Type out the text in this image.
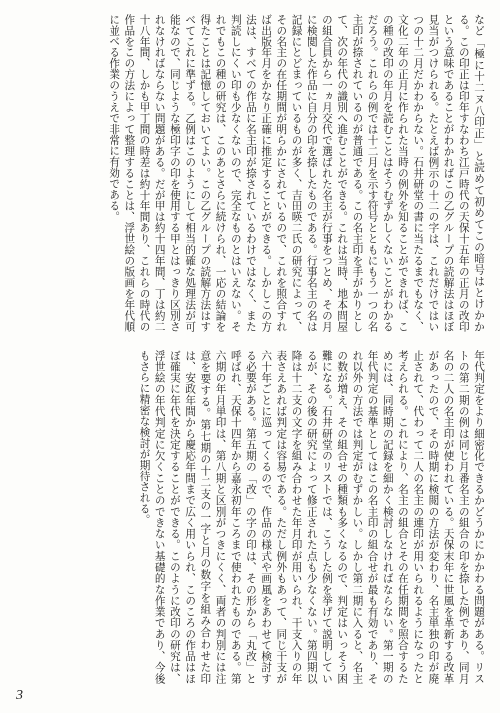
など「極に十二ヌ八印正」と読めて初めてこの暗号はとけかかる。この印正は印年すなわち江戸時代の天保十五年の正月の改印という意味であることがわかればこの乙グループの読解法はほぼ見当がつけられる。たとえば例示の十二の字は、これだけではいつの十二月だかわからない。石井研堂の書に当たるまでもなく、文化二年の正月に作られた当時の例外を知ることができれば、この種の改印の年月を読むことはそうむずかしくないことがわかるだろう。これらの例では十二月を示す符号とともにもう一つの名主印が捺されているのが普通である。この名主印を手がかりとして、次の年代の識別へ進むことができる。これは当時、地本問屋の組合員から一ヵ月交代で選ばれた名主が行事をつとめ、その月に検閲した作品に自分の印を捺したものである。行事名主の名は記録にとどまっているものが多く、吉田暎二氏の研究によって、その名主の在任期間が明らかにされているので、これを照合すれば出版年月をかなり正確に推定することができる。しかしこの方法は、すべての作品に名主印が捺されているわけではなく、また判読しにくい印も少なくないので、完全なものとはいえない。それでもこの種の研究は、このあとさらに続けられ、一応の結論を得たことは記憶しておいてよい。この乙グループの読解方法はすべてこれに準ずる。乙例はこのようにして相当的確な処理法が可能なので、同じような極印字の印を使用する甲とはっきり区別されなければならない問題がある。だが甲は約十四年間、丁は約二十八年間、しかも甲丁間の時差は約十年間あり、これらの時代の作品をこの方法によって整理することは、浮世絵の版画を年代順に並べる作業のうえで非常に有効である。

年代判定をより細密化できるかどうかにかかわる問題がある。リストの第二期の例は同じ月番名主の組合の印を捺した例であり、同月名の二人の名主印が使われている。天保末年に世風を革新する改革があったので、その時期に検閲の方法が変わり、名主単独の印が廃止されて、代わって二人の名主の連印が用いられるようになったと考えられる。これにより、名主の組合とその在任期間を照合するためには、同時期の記録を細かく検討しなければならない。第一期の年代判定の基準としてはこの名主印の組合せが最も有効であり、それ以外の方法では判定がむずかしい。しかし第二期に入ると、名主の数が増え、その組合せの種類も多くなるので、判定はいっそう困難になる。石井研堂のリストでは、こうした例を挙げて説明しているが、その後の研究によって修正された点も少なくない。第四期以降は十二支の文字を組み合わせた年月印が用いられ、干支入りの年表さえあれば判定は容易である。ただし例外もあって、同じ干支が六十年ごとに巡ってくるので、作品の様式や画風をあわせて検討する必要がある。第五期の「改」の字の印は、その形から「丸改」と呼ばれ、天保十四年から嘉永初年ころまで使われたものである。第六期の年月単印は、第八期と区別がつきにくく、両者の判別には注意を要する。第七期の十二支の一字と月の数字を組み合わせた印は、安政年間から慶応年間まで広く用いられ、このころの作品はほぼ確実に年代を決定することができる。このように改印の研究は、浮世絵の年代判定に欠くことのできない基礎的な作業であり、今後もさらに精密な検討が期待される。

3
